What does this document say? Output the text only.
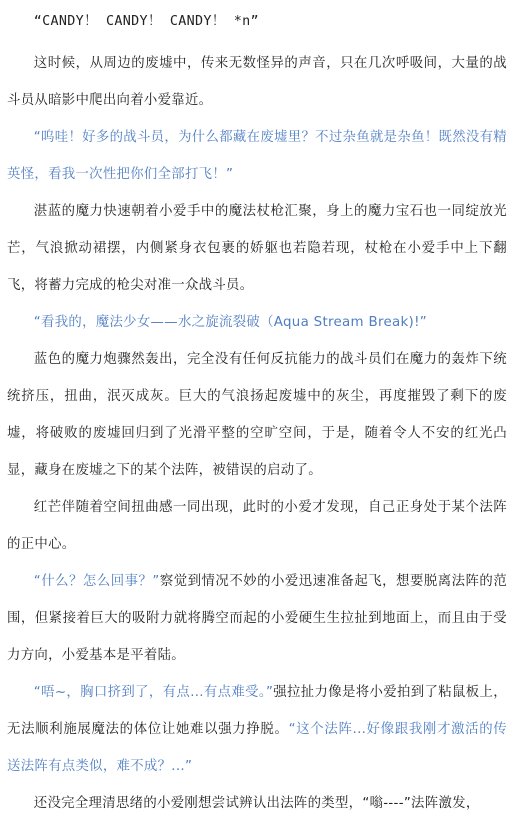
“CANDY！ CANDY！ CANDY！ *n”

这时候，从周边的废墟中，传来无数怪异的声音，只在几次呼吸间，大量的战斗员从暗影中爬出向着小爱靠近。

“呜哇！好多的战斗员，为什么都藏在废墟里？不过杂鱼就是杂鱼！既然没有精英怪，看我一次性把你们全部打飞！”

湛蓝的魔力快速朝着小爱手中的魔法杖枪汇聚，身上的魔力宝石也一同绽放光芒，气浪掀动裙摆，内侧紧身衣包裹的娇躯也若隐若现，杖枪在小爱手中上下翻飞，将蓄力完成的枪尖对准一众战斗员。

“看我的，魔法少女——水之旋流裂破（Aqua Stream Break)!”

蓝色的魔力炮骤然轰出，完全没有任何反抗能力的战斗员们在魔力的轰炸下统统挤压，扭曲，泯灭成灰。巨大的气浪扬起废墟中的灰尘，再度摧毁了剩下的废墟，将破败的废墟回归到了光滑平整的空旷空间，于是，随着令人不安的红光凸显，藏身在废墟之下的某个法阵，被错误的启动了。

红芒伴随着空间扭曲感一同出现，此时的小爱才发现，自己正身处于某个法阵的正中心。

“什么？怎么回事？”察觉到情况不妙的小爱迅速准备起飞，想要脱离法阵的范围，但紧接着巨大的吸附力就将腾空而起的小爱硬生生拉扯到地面上，而且由于受力方向，小爱基本是平着陆。

“唔~，胸口挤到了，有点...有点难受。”强拉扯力像是将小爱拍到了粘鼠板上，无法顺利施展魔法的体位让她难以强力挣脱。“这个法阵...好像跟我刚才激活的传送法阵有点类似，难不成？...”

还没完全理清思绪的小爱刚想尝试辨认出法阵的类型，“嗡----”法阵激发，
